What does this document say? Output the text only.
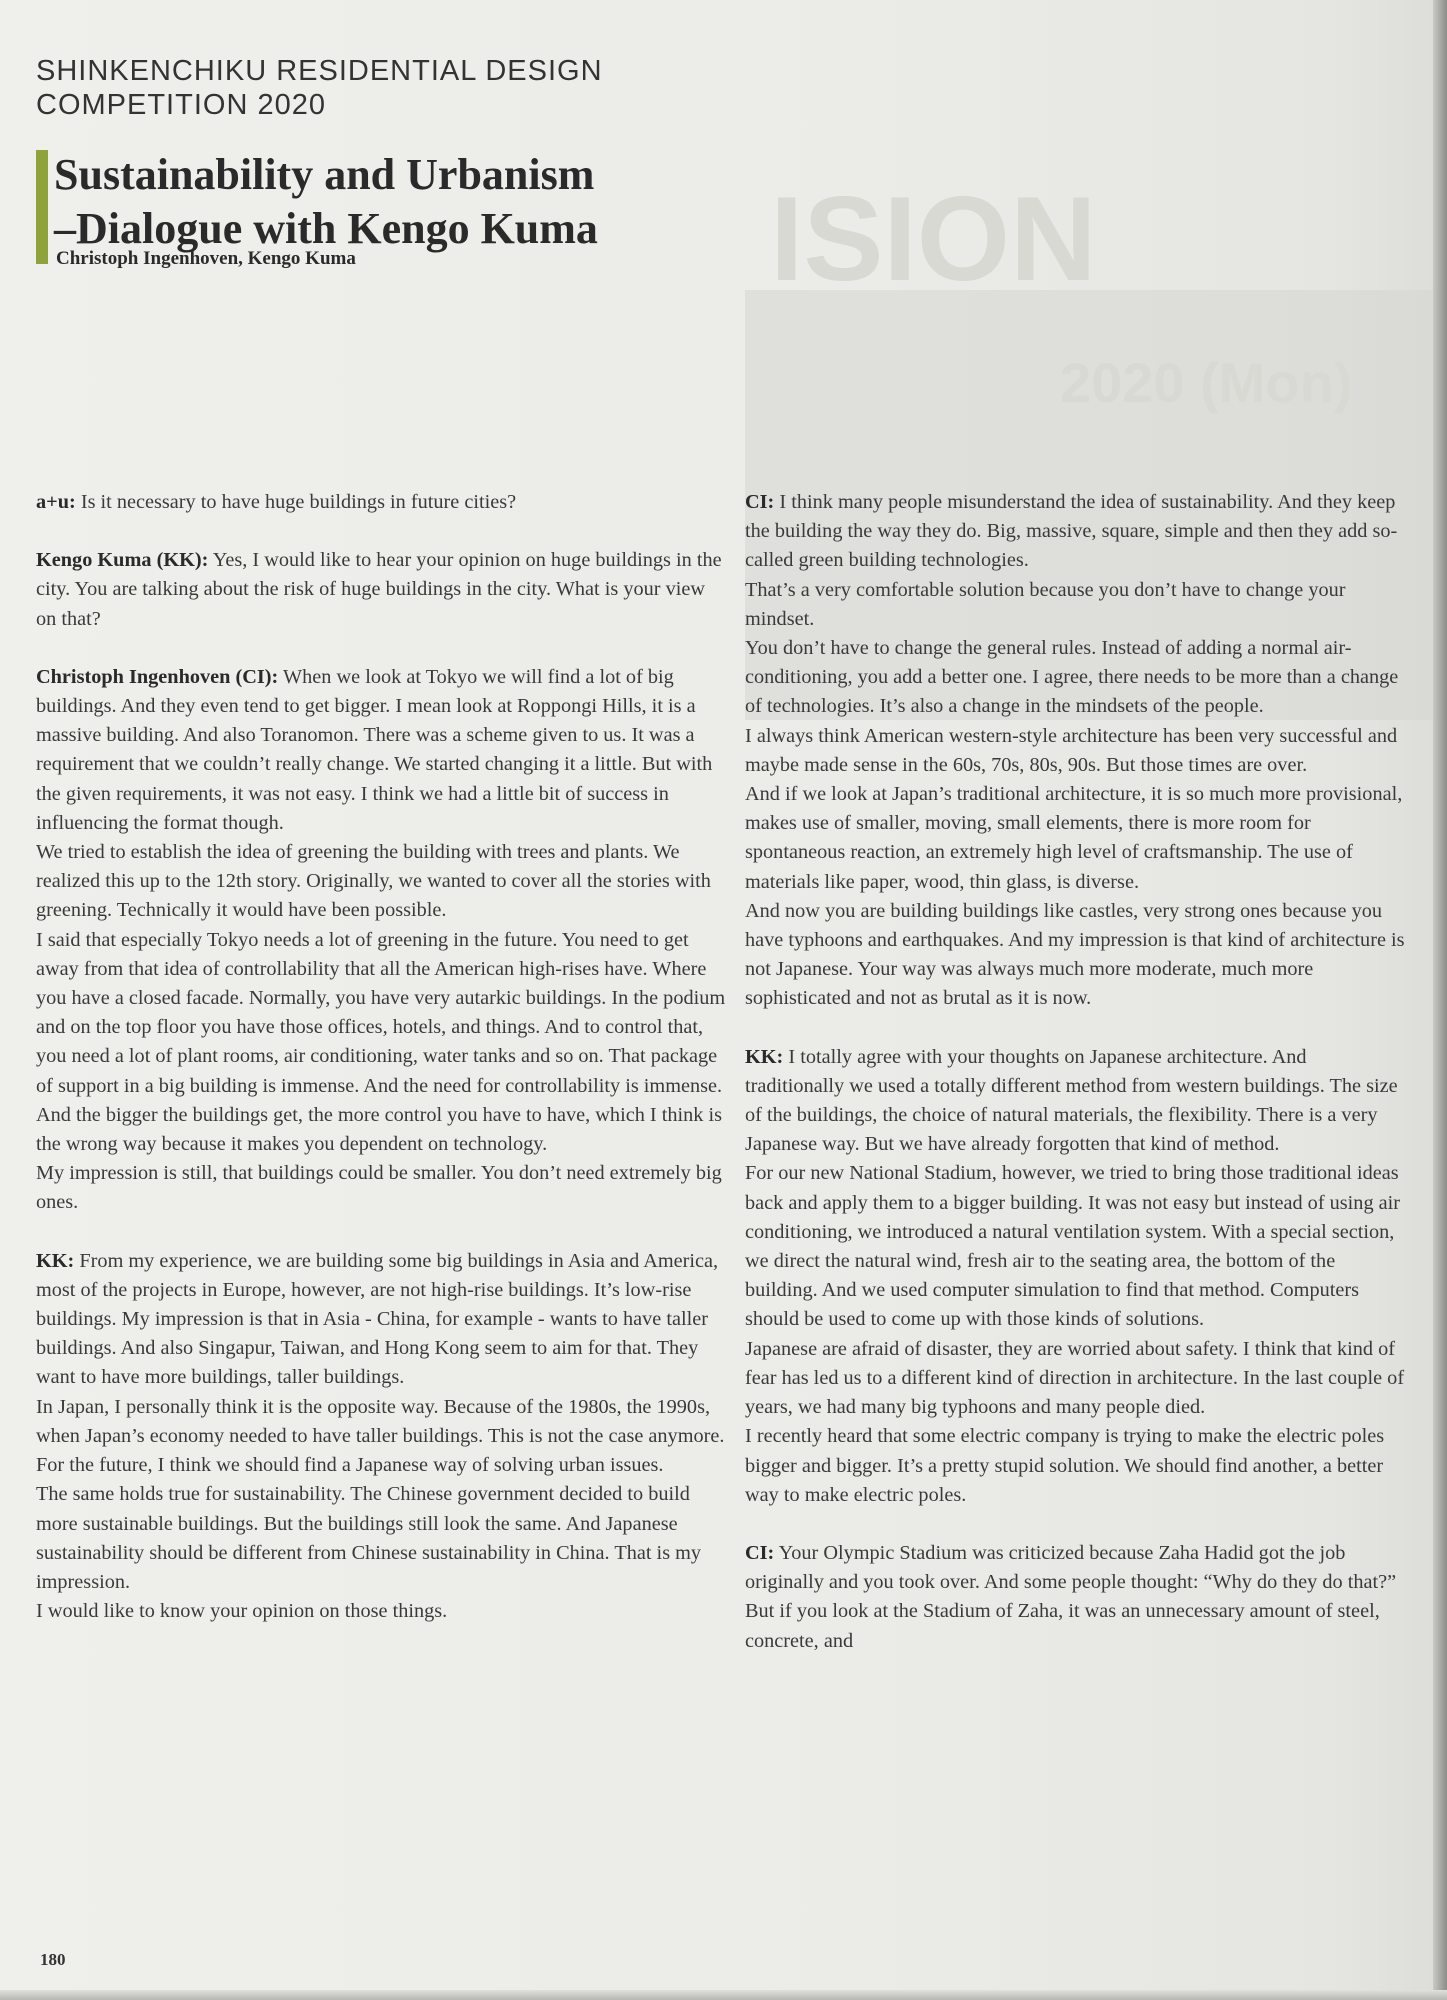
ISION
2020 (Mon)
SHINKENCHIKU RESIDENTIAL DESIGN
COMPETITION 2020
Sustainability and Urbanism
–Dialogue with Kengo Kuma
Christoph Ingenhoven, Kengo Kuma

a+u: Is it necessary to have huge buildings in future cities?

Kengo Kuma (KK): Yes, I would like to hear your opinion on huge buildings in the city. You are talking about the risk of huge buildings in the city. What is your view on that?

Christoph Ingenhoven (CI): When we look at Tokyo we will find a lot of big buildings. And they even tend to get bigger. I mean look at Roppongi Hills, it is a massive building. And also Toranomon. There was a scheme given to us. It was a requirement that we couldn’t really change. We started changing it a little. But with the given requirements, it was not easy. I think we had a little bit of success in influencing the format though.

We tried to establish the idea of greening the building with trees and plants. We realized this up to the 12th story. Originally, we wanted to cover all the stories with greening. Technically it would have been possible.

I said that especially Tokyo needs a lot of greening in the future. You need to get away from that idea of controllability that all the American high-rises have. Where you have a closed facade. Normally, you have very autarkic buildings. In the podium and on the top floor you have those offices, hotels, and things. And to control that, you need a lot of plant rooms, air conditioning, water tanks and so on. That package of support in a big building is immense. And the need for controllability is immense. And the bigger the buildings get, the more control you have to have, which I think is the wrong way because it makes you dependent on technology.

My impression is still, that buildings could be smaller. You don’t need extremely big ones.

KK: From my experience, we are building some big buildings in Asia and America, most of the projects in Europe, however, are not high-rise buildings. It’s low-rise buildings. My impression is that in Asia - China, for example - wants to have taller buildings. And also Singapur, Taiwan, and Hong Kong seem to aim for that. They want to have more buildings, taller buildings.

In Japan, I personally think it is the opposite way. Because of the 1980s, the 1990s, when Japan’s economy needed to have taller buildings. This is not the case anymore.

For the future, I think we should find a Japanese way of solving urban issues.

The same holds true for sustainability. The Chinese government decided to build more sustainable buildings. But the buildings still look the same. And Japanese sustainability should be different from Chinese sustainability in China. That is my impression.

I would like to know your opinion on those things.

CI: I think many people misunderstand the idea of sustainability. And they keep the building the way they do. Big, massive, square, simple and then they add so-called green building technologies.

That’s a very comfortable solution because you don’t have to change your mindset.

You don’t have to change the general rules. Instead of adding a normal air-conditioning, you add a better one. I agree, there needs to be more than a change of technologies. It’s also a change in the mindsets of the people.

I always think American western-style architecture has been very successful and maybe made sense in the 60s, 70s, 80s, 90s. But those times are over.

And if we look at Japan’s traditional architecture, it is so much more provisional, makes use of smaller, moving, small elements, there is more room for spontaneous reaction, an extremely high level of craftsmanship. The use of materials like paper, wood, thin glass, is diverse.

And now you are building buildings like castles, very strong ones because you have typhoons and earthquakes. And my impression is that kind of architecture is not Japanese. Your way was always much more moderate, much more sophisticated and not as brutal as it is now.

KK: I totally agree with your thoughts on Japanese architecture. And traditionally we used a totally different method from western buildings. The size of the buildings, the choice of natural materials, the flexibility. There is a very Japanese way. But we have already forgotten that kind of method.

For our new National Stadium, however, we tried to bring those traditional ideas back and apply them to a bigger building. It was not easy but instead of using air conditioning, we introduced a natural ventilation system. With a special section, we direct the natural wind, fresh air to the seating area, the bottom of the building. And we used computer simulation to find that method. Computers should be used to come up with those kinds of solutions.

Japanese are afraid of disaster, they are worried about safety. I think that kind of fear has led us to a different kind of direction in architecture. In the last couple of years, we had many big typhoons and many people died.

I recently heard that some electric company is trying to make the electric poles bigger and bigger. It’s a pretty stupid solution. We should find another, a better way to make electric poles.

CI: Your Olympic Stadium was criticized because Zaha Hadid got the job originally and you took over. And some people thought: “Why do they do that?” But if you look at the Stadium of Zaha, it was an unnecessary amount of steel, concrete, and

180
